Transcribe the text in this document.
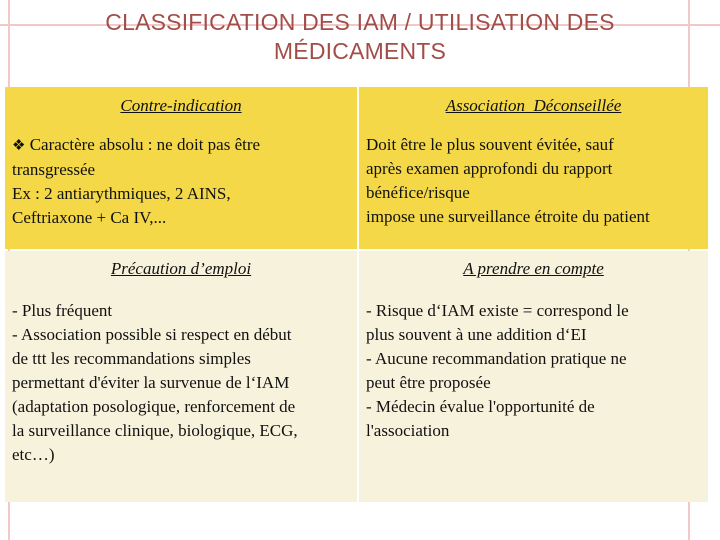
CLASSIFICATION DES IAM / UTILISATION DES MÉDICAMENTS
Contre-indication
❖ Caractère absolu : ne doit pas être
transgressée
Ex : 2 antiarythmiques, 2 AINS,
Ceftriaxone + Ca IV,...
Association  Déconseillée
Doit être le plus souvent évitée, sauf
après examen approfondi du rapport
bénéfice/risque
impose une surveillance étroite du patient
Précaution d’emploi
- Plus fréquent
- Association possible si respect en début
de ttt les recommandations simples
permettant d'éviter la survenue de l‘IAM
(adaptation posologique, renforcement de
la surveillance clinique, biologique, ECG,
etc…)
A prendre en compte
- Risque d‘IAM existe = correspond le
plus souvent à une addition d‘EI
- Aucune recommandation pratique ne
peut être proposée
- Médecin évalue l'opportunité de
l'association
